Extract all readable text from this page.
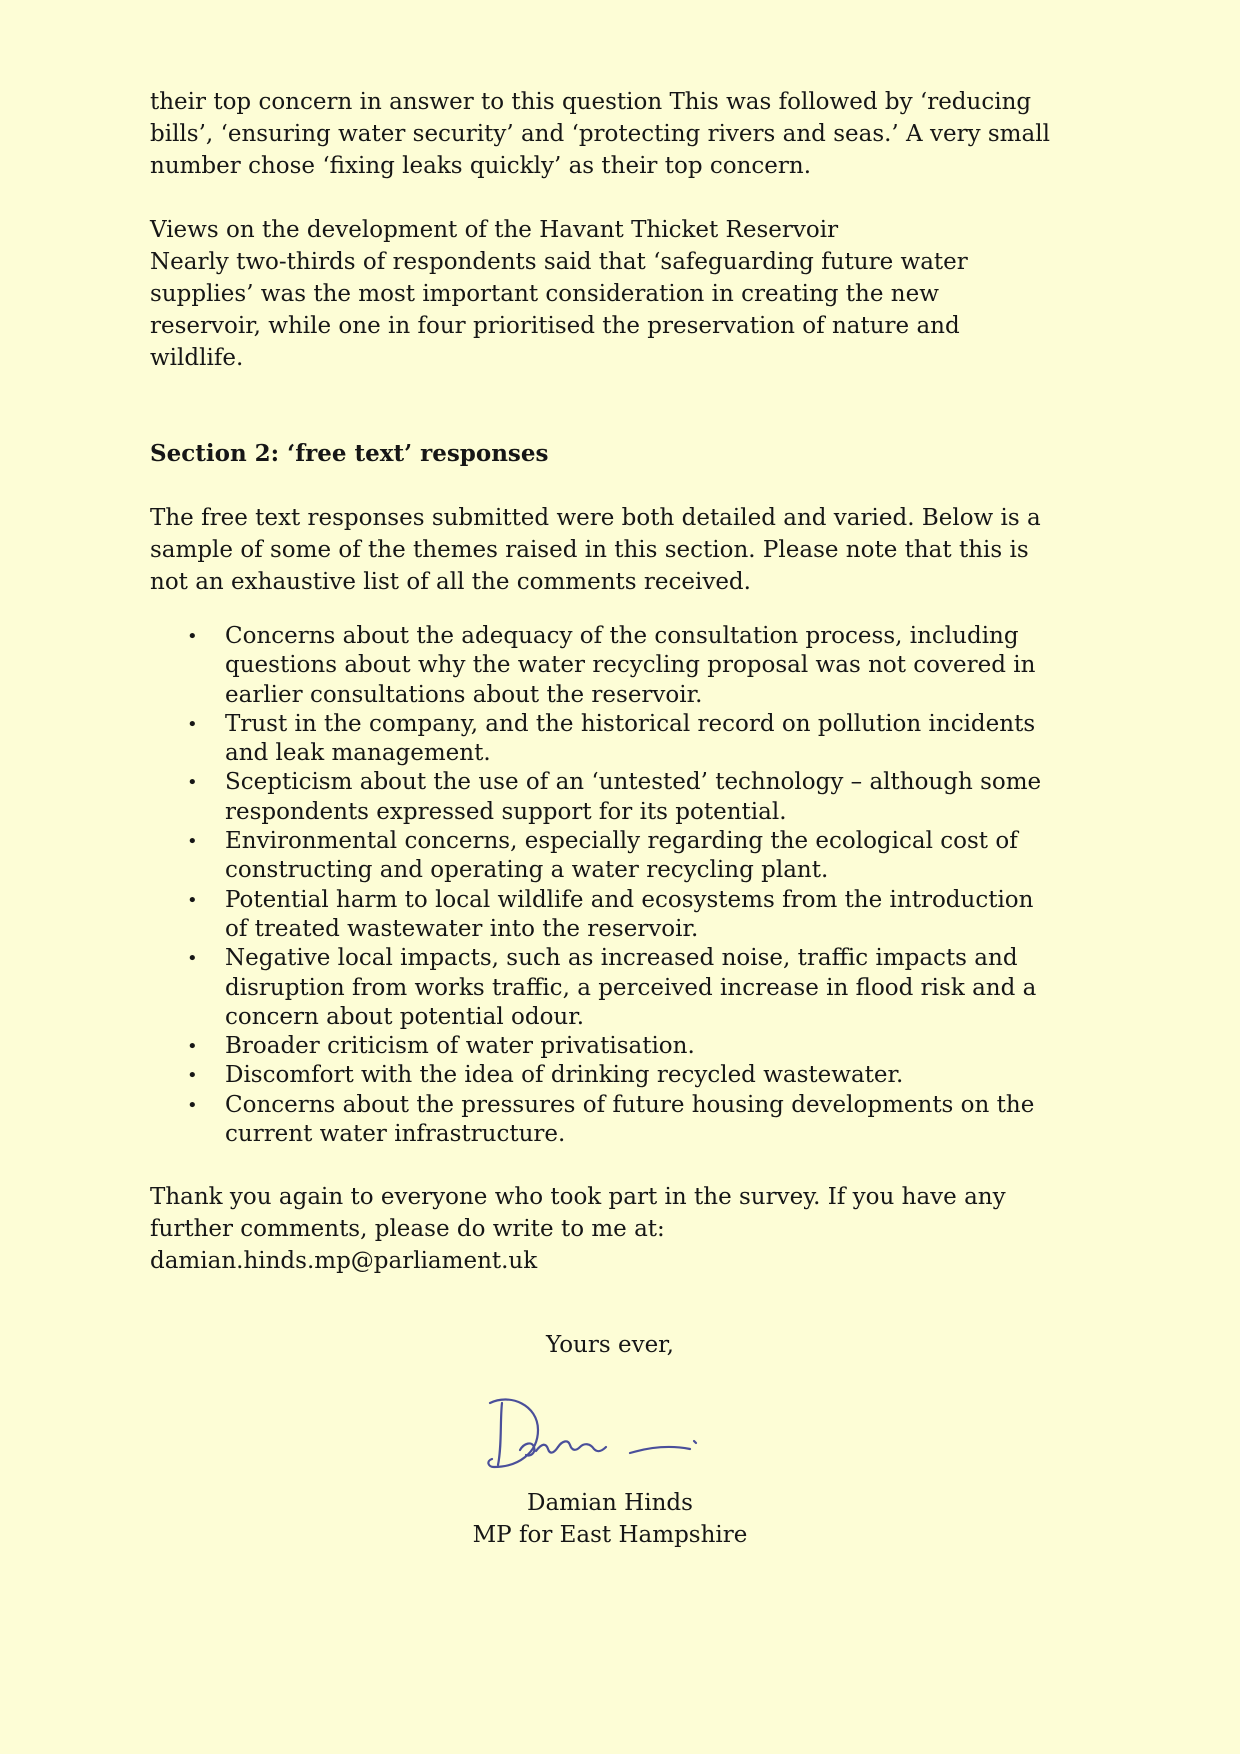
their top concern in answer to this question This was followed by ‘reducing
bills’, ‘ensuring water security’ and ‘protecting rivers and seas.’ A very small
number chose ‘fixing leaks quickly’ as their top concern.
Views on the development of the Havant Thicket Reservoir
Nearly two-thirds of respondents said that ‘safeguarding future water
supplies’ was the most important consideration in creating the new
reservoir, while one in four prioritised the preservation of nature and
wildlife.
Section 2: ‘free text’ responses
The free text responses submitted were both detailed and varied. Below is a
sample of some of the themes raised in this section. Please note that this is
not an exhaustive list of all the comments received.
• Concerns about the adequacy of the consultation process, including
questions about why the water recycling proposal was not covered in
earlier consultations about the reservoir.
• Trust in the company, and the historical record on pollution incidents
and leak management.
• Scepticism about the use of an ‘untested’ technology – although some
respondents expressed support for its potential.
• Environmental concerns, especially regarding the ecological cost of
constructing and operating a water recycling plant.
• Potential harm to local wildlife and ecosystems from the introduction
of treated wastewater into the reservoir.
• Negative local impacts, such as increased noise, traffic impacts and
disruption from works traffic, a perceived increase in flood risk and a
concern about potential odour.
• Broader criticism of water privatisation.
• Discomfort with the idea of drinking recycled wastewater.
• Concerns about the pressures of future housing developments on the
current water infrastructure.
Thank you again to everyone who took part in the survey. If you have any
further comments, please do write to me at:
damian.hinds.mp@parliament.uk
Yours ever,
Damian Hinds
MP for East Hampshire
